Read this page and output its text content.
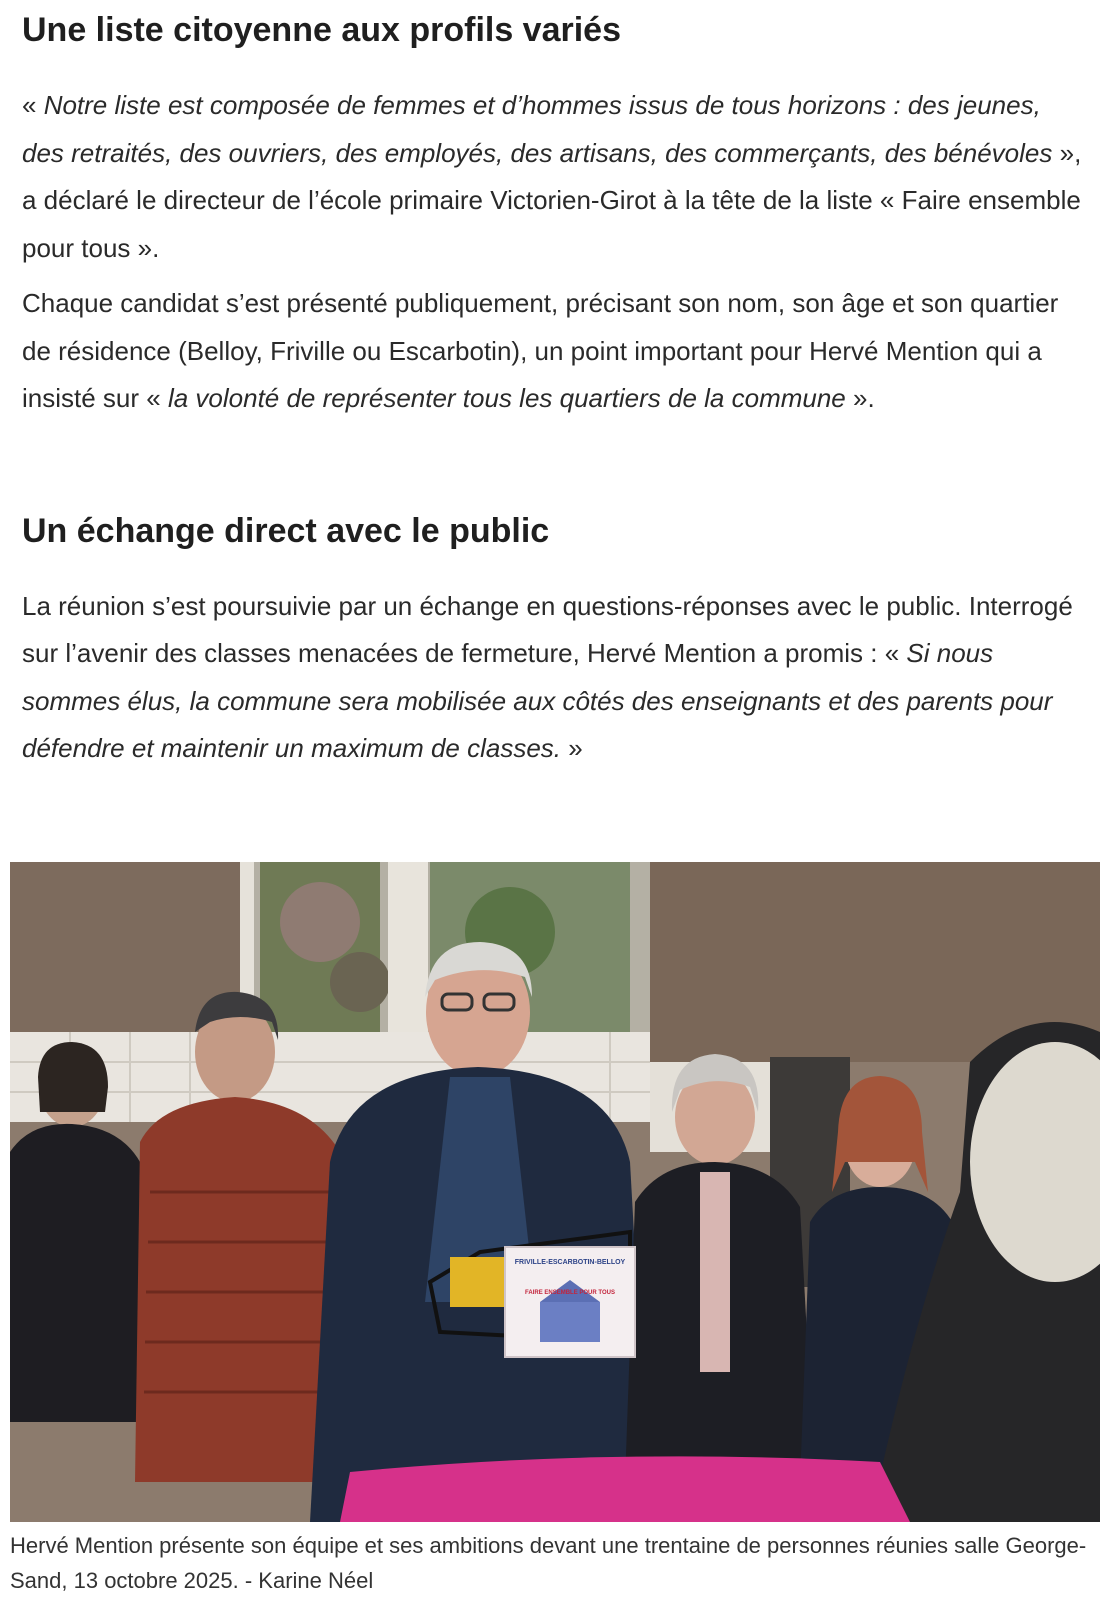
Une liste citoyenne aux profils variés

« Notre liste est composée de femmes et d’hommes issus de tous horizons : des jeunes, des retraités, des ouvriers, des employés, des artisans, des commerçants, des bénévoles », a déclaré le directeur de l’école primaire Victorien-Girot à la tête de la liste « Faire ensemble pour tous ».

Chaque candidat s’est présenté publiquement, précisant son nom, son âge et son quartier de résidence (Belloy, Friville ou Escarbotin), un point important pour Hervé Mention qui a insisté sur « la volonté de représenter tous les quartiers de la commune ».

Un échange direct avec le public

La réunion s’est poursuivie par un échange en questions-réponses avec le public. Interrogé sur l’avenir des classes menacées de fermeture, Hervé Mention a promis : « Si nous sommes élus, la commune sera mobilisée aux côtés des enseignants et des parents pour défendre et maintenir un maximum de classes. »

FRIVILLE-ESCARBOTIN-BELLOY
FAIRE ENSEMBLE POUR TOUS
Hervé Mention présente son équipe et ses ambitions devant une trentaine de personnes réunies salle George-Sand, 13 octobre 2025. - Karine Néel
